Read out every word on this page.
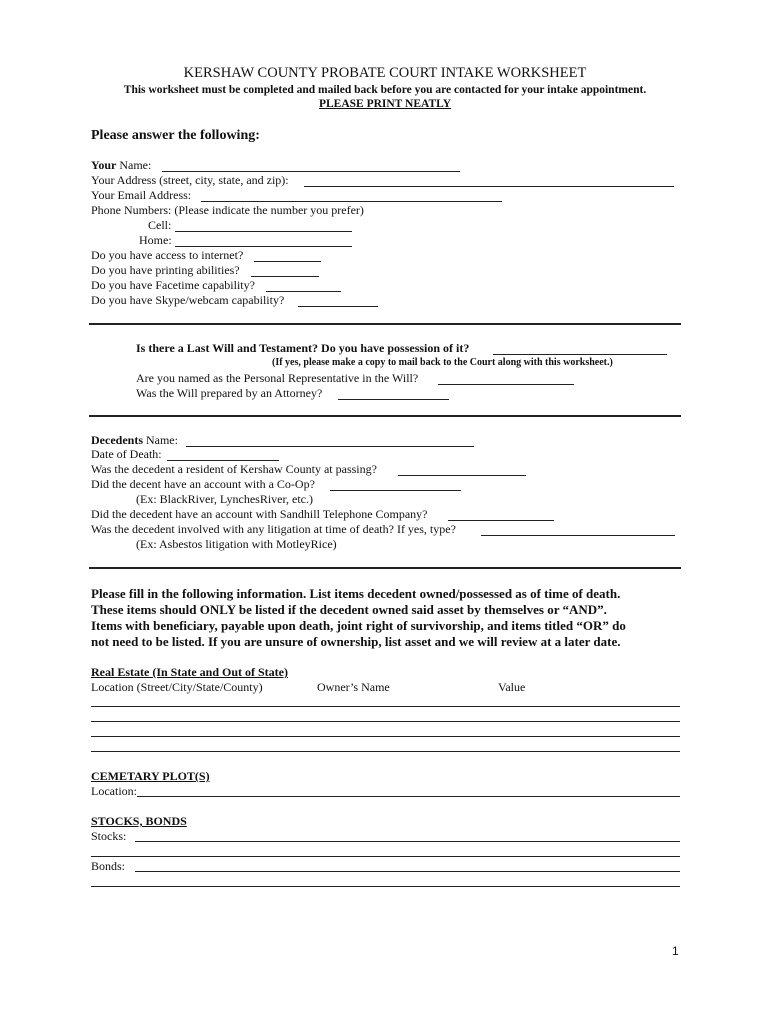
KERSHAW COUNTY PROBATE COURT INTAKE WORKSHEET
This worksheet must be completed and mailed back before you are contacted for your intake appointment.
PLEASE PRINT NEATLY
Please answer the following:
Your Name:
Your Address (street, city, state, and zip):
Your Email Address:
Phone Numbers: (Please indicate the number you prefer)
Cell:
Home:
Do you have access to internet?
Do you have printing abilities?
Do you have Facetime capability?
Do you have Skype/webcam capability?
Is there a Last Will and Testament? Do you have possession of it?
(If yes, please make a copy to mail back to the Court along with this worksheet.)
Are you named as the Personal Representative in the Will?
Was the Will prepared by an Attorney?
Decedents Name:
Date of Death:
Was the decedent a resident of Kershaw County at passing?
Did the decent have an account with a Co-Op?
(Ex: BlackRiver, LynchesRiver, etc.)
Did the decedent have an account with Sandhill Telephone Company?
Was the decedent involved with any litigation at time of death? If yes, type?
(Ex: Asbestos litigation with MotleyRice)
Please fill in the following information. List items decedent owned/possessed as of time of death.
These items should ONLY be listed if the decedent owned said asset by themselves or “AND”.
Items with beneficiary, payable upon death, joint right of survivorship, and items titled “OR” do
not need to be listed. If you are unsure of ownership, list asset and we will review at a later date.
Real Estate (In State and Out of State)
Location (Street/City/State/County)	Owner’s Name	Value
CEMETARY PLOT(S)
Location:
STOCKS, BONDS
Stocks:
Bonds:
1
